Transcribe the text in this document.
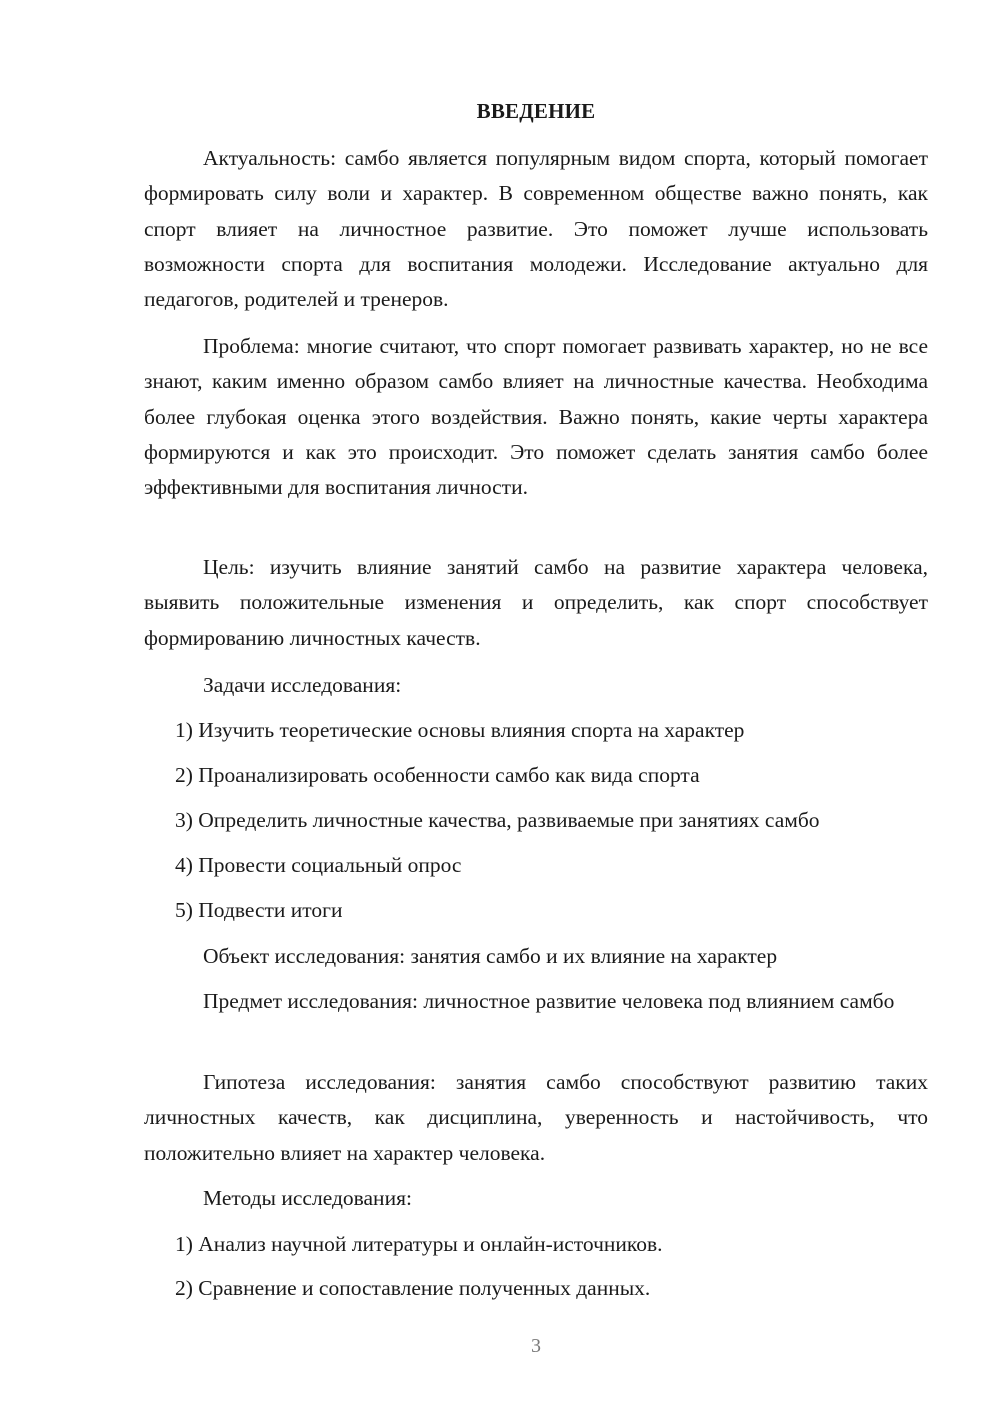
ВВЕДЕНИЕ

Актуальность: самбо является популярным видом спорта, который помогает формировать силу воли и характер. В современном обществе важно понять, как спорт влияет на личностное развитие. Это поможет лучше использовать возможности спорта для воспитания молодежи. Исследование актуально для педагогов, родителей и тренеров.

Проблема: многие считают, что спорт помогает развивать характер, но не все знают, каким именно образом самбо влияет на личностные качества. Необходима более глубокая оценка этого воздействия. Важно понять, какие черты характера формируются и как это происходит. Это поможет сделать занятия самбо более эффективными для воспитания личности.

Цель: изучить влияние занятий самбо на развитие характера человека, выявить положительные изменения и определить, как спорт способствует формированию личностных качеств.

Задачи исследования:
1) Изучить теоретические основы влияния спорта на характер
2) Проанализировать особенности самбо как вида спорта
3) Определить личностные качества, развиваемые при занятиях самбо
4) Провести социальный опрос
5) Подвести итоги
Объект исследования: занятия самбо и их влияние на характер

Предмет исследования: личностное развитие человека под влиянием самбо

Гипотеза исследования: занятия самбо способствуют развитию таких личностных качеств, как дисциплина, уверенность и настойчивость, что положительно влияет на характер человека.

Методы исследования:
1) Анализ научной литературы и онлайн-источников.
2) Сравнение и сопоставление полученных данных.
3
